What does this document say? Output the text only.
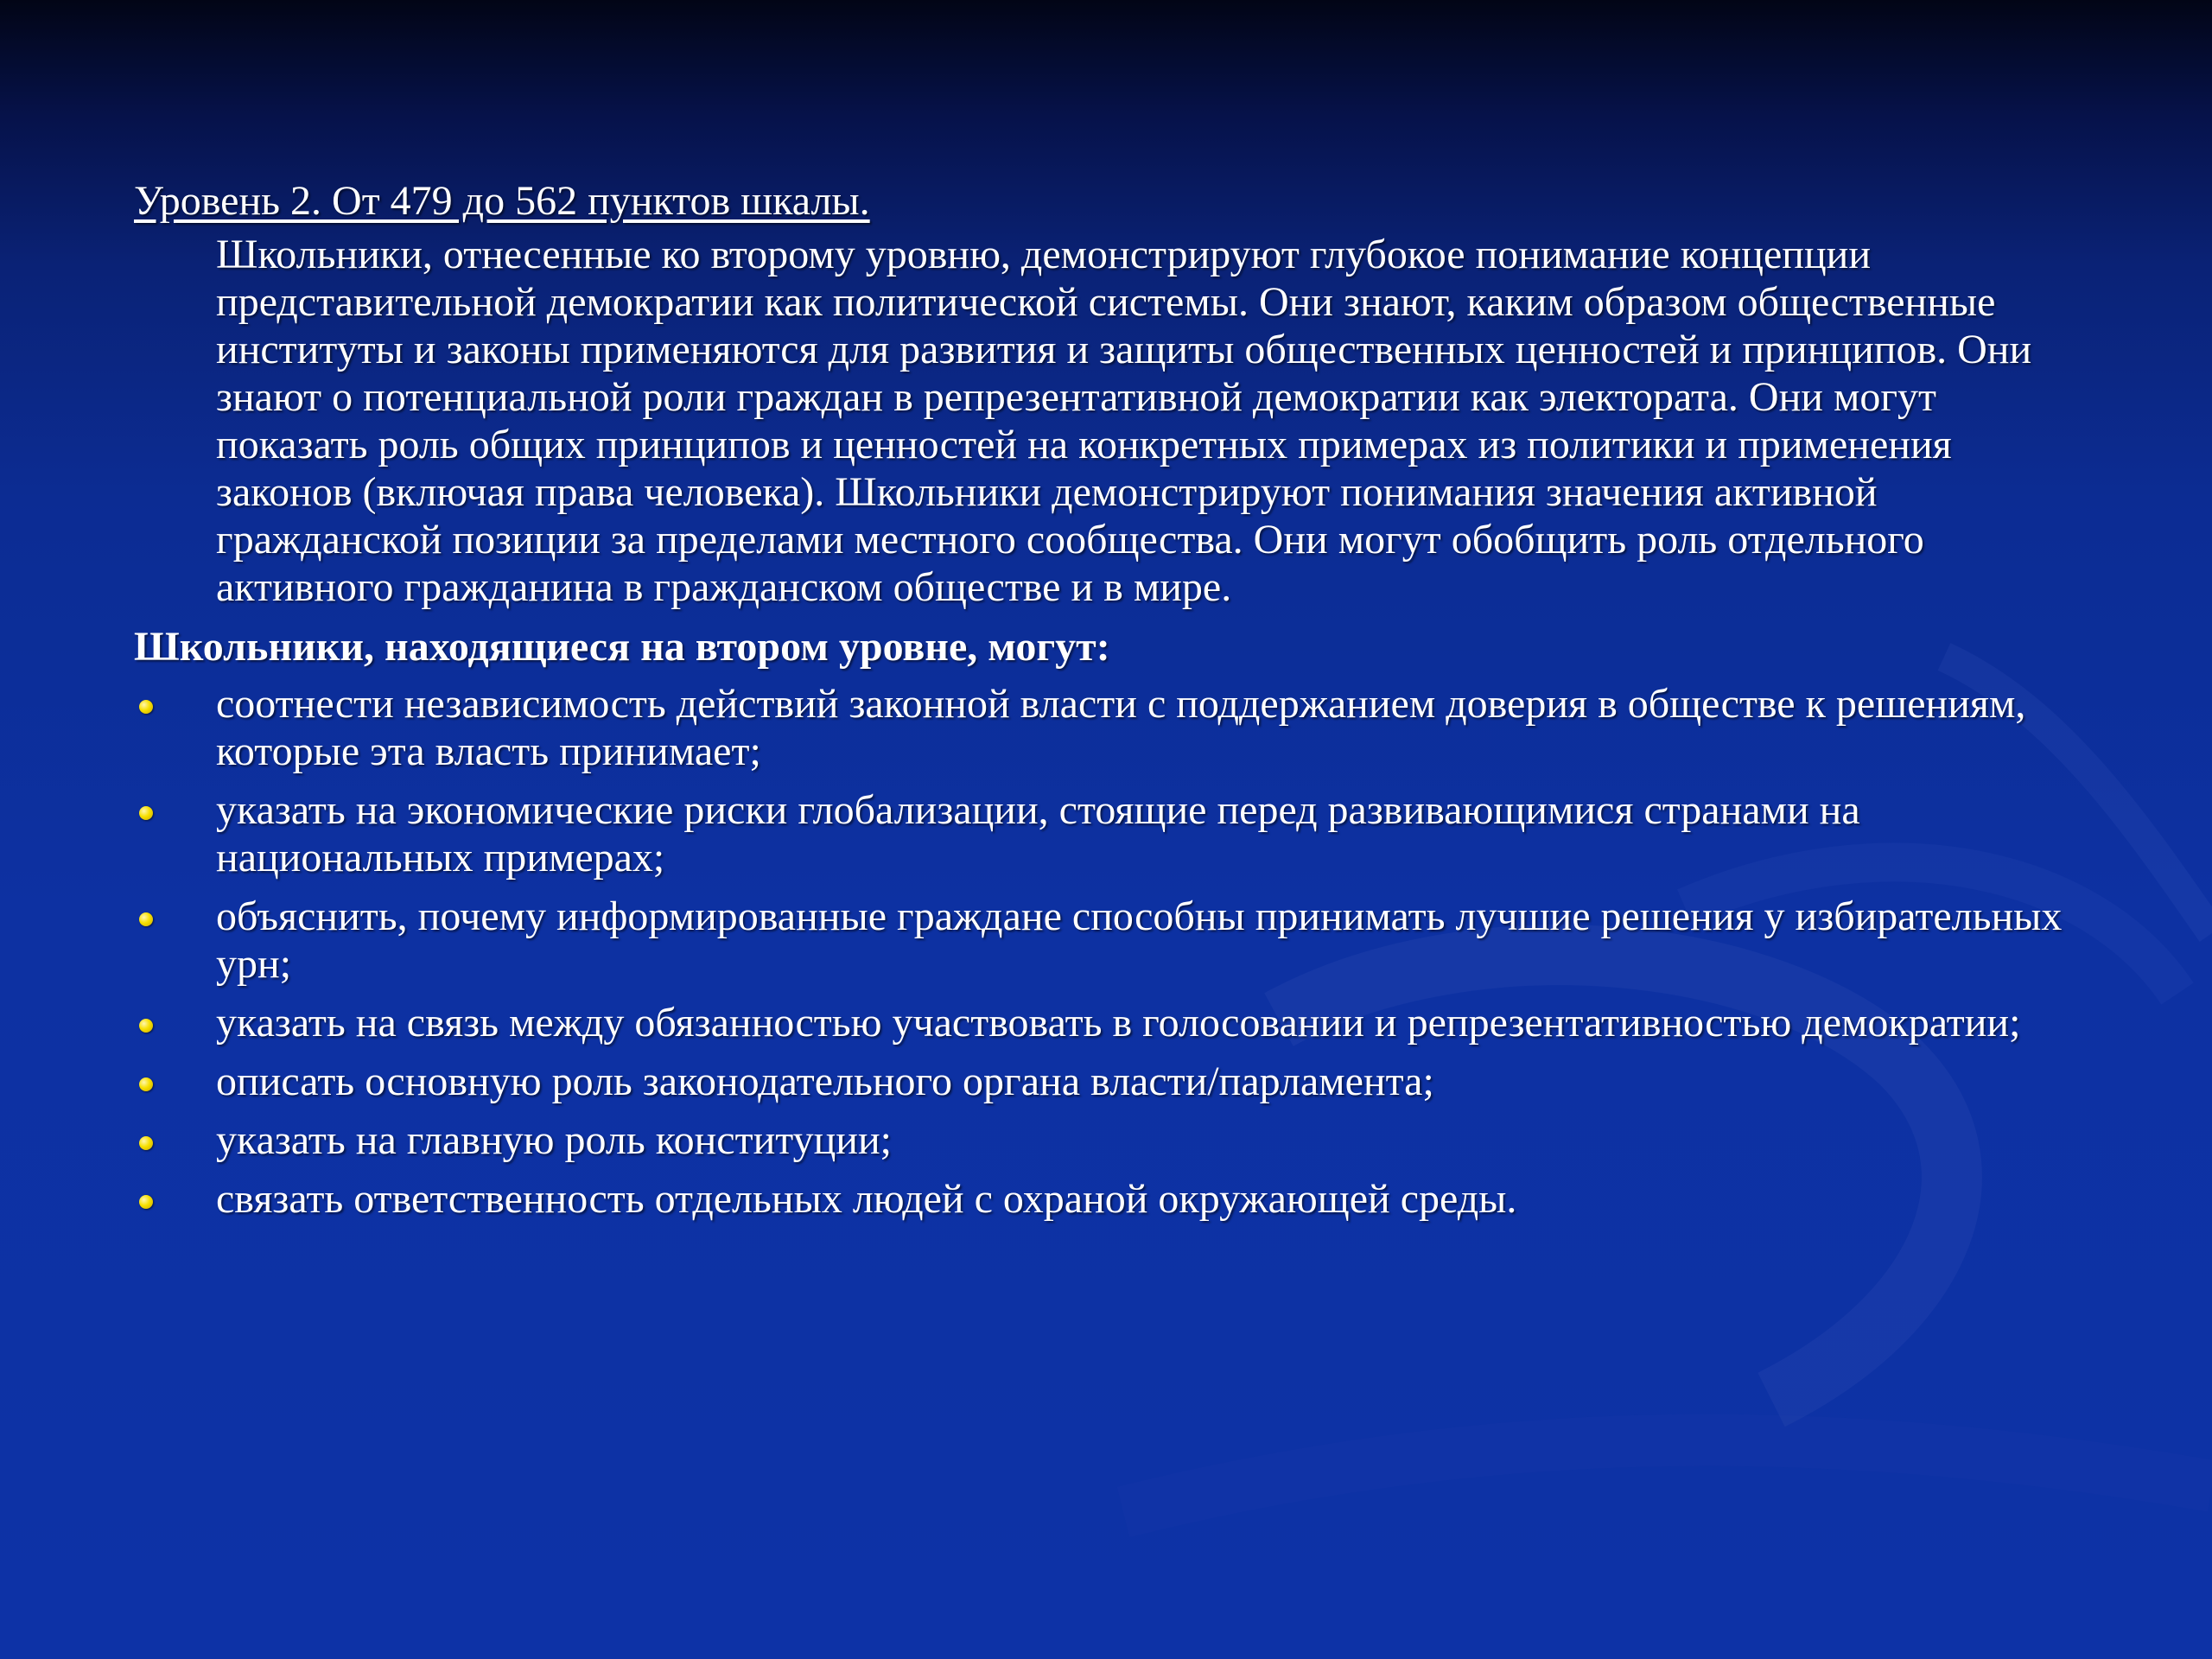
Уровень 2. От 479 до 562 пунктов шкалы.

Школьники, отнесенные ко второму уровню, демонстрируют глубокое понимание концепции представительной демократии как политической системы. Они знают, каким образом общественные институты и законы применяются для развития и защиты общественных ценностей и принципов. Они знают о потенциальной роли граждан в репрезентативной демократии как электората. Они могут показать роль общих принципов и ценностей на конкретных примерах из политики и применения законов (включая права человека). Школьники демонстрируют понимания значения активной гражданской позиции за пределами местного сообщества. Они могут обобщить роль отдельного активного гражданина в гражданском обществе и в мире.

Школьники, находящиеся на втором уровне, могут:

соотнести независимость действий законной власти с поддержанием доверия в обществе к решениям, которые эта власть принимает;
указать на экономические риски глобализации, стоящие перед развивающимися странами на национальных примерах;
объяснить, почему информированные граждане способны принимать лучшие решения у избирательных урн;
указать на связь между обязанностью участвовать в голосовании и репрезентативностью демократии;
описать основную роль законодательного органа власти/парламента;
указать на главную роль конституции;
связать ответственность отдельных людей с охраной окружающей среды.
